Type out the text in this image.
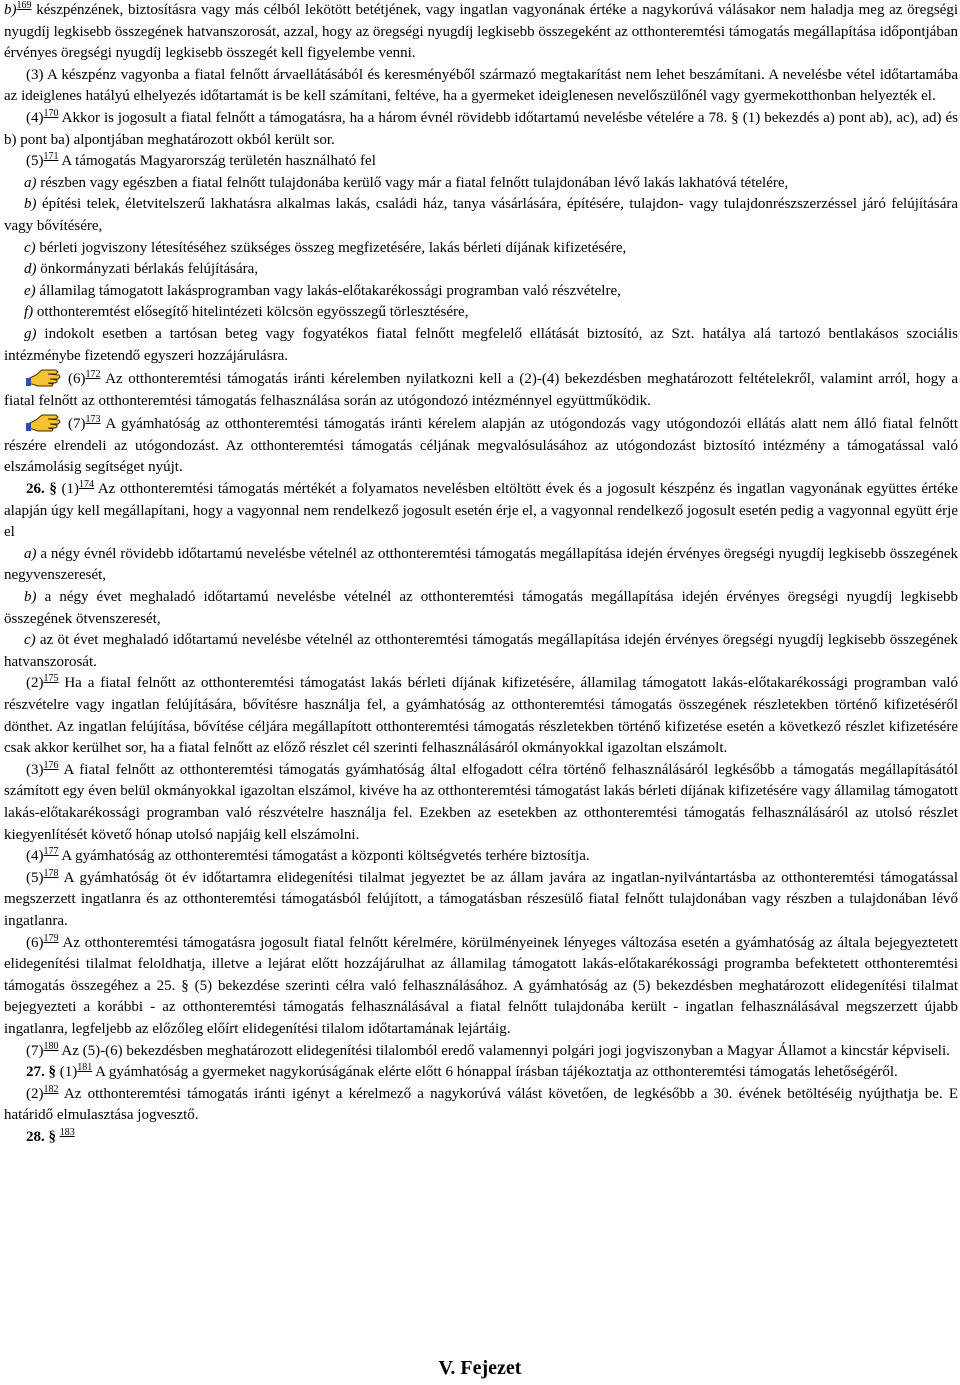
b)$^{169}$ készpénzének, biztosításra vagy más célból lekötött betétjének, vagy ingatlan vagyonának értéke a nagykorúvá válásakor nem haladja meg az öregségi nyugdíj legkisebb összegének hatvanszorosát, azzal, hogy az öregségi nyugdíj legkisebb összegeként az otthonteremtési támogatás megállapítása időpontjában érvényes öregségi nyugdíj legkisebb összegét kell figyelembe venni.

(3) A készpénz vagyonba a fiatal felnőtt árvaellátásából és keresményéből származó megtakarítást nem lehet beszámítani. A nevelésbe vétel időtartamába az ideiglenes hatályú elhelyezés időtartamát is be kell számítani, feltéve, ha a gyermeket ideiglenesen nevelőszülőnél vagy gyermekotthonban helyezték el.

$(4)^{170}$ Akkor is jogosult a fiatal felnőtt a támogatásra, ha a három évnél rövidebb időtartamú nevelésbe vételére a 78. § (1) bekezdés a) pont ab), ac), ad) és b) pont ba) alpontjában meghatározott okból került sor.

$(5)^{171}$ A támogatás Magyarország területén használható fel

a) részben vagy egészben a fiatal felnőtt tulajdonába kerülő vagy már a fiatal felnőtt tulajdonában lévő lakás lakhatóvá tételére,

b) építési telek, életvitelszerű lakhatásra alkalmas lakás, családi ház, tanya vásárlására, építésére, tulajdon- vagy tulajdonrészszerzéssel járó felújítására vagy bővítésére,

c) bérleti jogviszony létesítéséhez szükséges összeg megfizetésére, lakás bérleti díjának kifizetésére,

d) önkormányzati bérlakás felújítására,

e) államilag támogatott lakásprogramban vagy lakás-előtakarékossági programban való részvételre,

f) otthonteremtést elősegítő hitelintézeti kölcsön egyösszegű törlesztésére,

g) indokolt esetben a tartósan beteg vagy fogyatékos fiatal felnőtt megfelelő ellátását biztosító, az Szt. hatálya alá tartozó bentlakásos szociális intézménybe fizetendő egyszeri hozzájárulásra.

$(6)^{172}$ Az otthonteremtési támogatás iránti kérelemben nyilatkozni kell a (2)-(4) bekezdésben meghatározott feltételekről, valamint arról, hogy a fiatal felnőtt az otthonteremtési támogatás felhasználása során az utógondozó intézménnyel együttműködik.

$(7)^{173}$ A gyámhatóság az otthonteremtési támogatás iránti kérelem alapján az utógondozás vagy utógondozói ellátás alatt nem álló fiatal felnőtt részére elrendeli az utógondozást. Az otthonteremtési támogatás céljának megvalósulásához az utógondozást biztosító intézmény a támogatással való elszámolásig segítséget nyújt.

26. § $(1)^{174}$ Az otthonteremtési támogatás mértékét a folyamatos nevelésben eltöltött évek és a jogosult készpénz és ingatlan vagyonának együttes értéke alapján úgy kell megállapítani, hogy a vagyonnal nem rendelkező jogosult esetén érje el, a vagyonnal rendelkező jogosult esetén pedig a vagyonnal együtt érje el

a) a négy évnél rövidebb időtartamú nevelésbe vételnél az otthonteremtési támogatás megállapítása idején érvényes öregségi nyugdíj legkisebb összegének negyvenszeresét,

b) a négy évet meghaladó időtartamú nevelésbe vételnél az otthonteremtési támogatás megállapítása idején érvényes öregségi nyugdíj legkisebb összegének ötvenszeresét,

c) az öt évet meghaladó időtartamú nevelésbe vételnél az otthonteremtési támogatás megállapítása idején érvényes öregségi nyugdíj legkisebb összegének hatvanszorosát.

$(2)^{175}$ Ha a fiatal felnőtt az otthonteremtési támogatást lakás bérleti díjának kifizetésére, államilag támogatott lakás-előtakarékossági programban való részvételre vagy ingatlan felújítására, bővítésre használja fel, a gyámhatóság az otthonteremtési támogatás összegének részletekben történő kifizetéséről dönthet. Az ingatlan felújítása, bővítése céljára megállapított otthonteremtési támogatás részletekben történő kifizetése esetén a következő részlet kifizetésére csak akkor kerülhet sor, ha a fiatal felnőtt az előző részlet cél szerinti felhasználásáról okmányokkal igazoltan elszámolt.

$(3)^{176}$ A fiatal felnőtt az otthonteremtési támogatás gyámhatóság által elfogadott célra történő felhasználásáról legkésőbb a támogatás megállapításától számított egy éven belül okmányokkal igazoltan elszámol, kivéve ha az otthonteremtési támogatást lakás bérleti díjának kifizetésére vagy államilag támogatott lakás-előtakarékossági programban való részvételre használja fel. Ezekben az esetekben az otthonteremtési támogatás felhasználásáról az utolsó részlet kiegyenlítését követő hónap utolsó napjáig kell elszámolni.

$(4)^{177}$ A gyámhatóság az otthonteremtési támogatást a központi költségvetés terhére biztosítja.

$(5)^{178}$ A gyámhatóság öt év időtartamra elidegenítési tilalmat jegyeztet be az állam javára az ingatlan-nyilvántartásba az otthonteremtési támogatással megszerzett ingatlanra és az otthonteremtési támogatásból felújított, a támogatásban részesülő fiatal felnőtt tulajdonában vagy részben a tulajdonában lévő ingatlanra.

$(6)^{179}$ Az otthonteremtési támogatásra jogosult fiatal felnőtt kérelmére, körülményeinek lényeges változása esetén a gyámhatóság az általa bejegyeztetett elidegenítési tilalmat feloldhatja, illetve a lejárat előtt hozzájárulhat az államilag támogatott lakás-előtakarékossági programba befektetett otthonteremtési támogatás összegéhez a 25. § (5) bekezdése szerinti célra való felhasználásához. A gyámhatóság az (5) bekezdésben meghatározott elidegenítési tilalmat bejegyezteti a korábbi - az otthonteremtési támogatás felhasználásával a fiatal felnőtt tulajdonába került - ingatlan felhasználásával megszerzett újabb ingatlanra, legfeljebb az előzőleg előírt elidegenítési tilalom időtartamának lejártáig.

$(7)^{180}$ Az (5)-(6) bekezdésben meghatározott elidegenítési tilalomból eredő valamennyi polgári jogi jogviszonyban a Magyar Államot a kincstár képviseli.

27. § $(1)^{181}$ A gyámhatóság a gyermeket nagykorúságának elérte előtt 6 hónappal írásban tájékoztatja az otthonteremtési támogatás lehetőségéről.

$(2)^{182}$ Az otthonteremtési támogatás iránti igényt a kérelmező a nagykorúvá válást követően, de legkésőbb a 30. évének betöltéséig nyújthatja be. E határidő elmulasztása jogvesztő.

28. § $^{183}$

V. Fejezet
